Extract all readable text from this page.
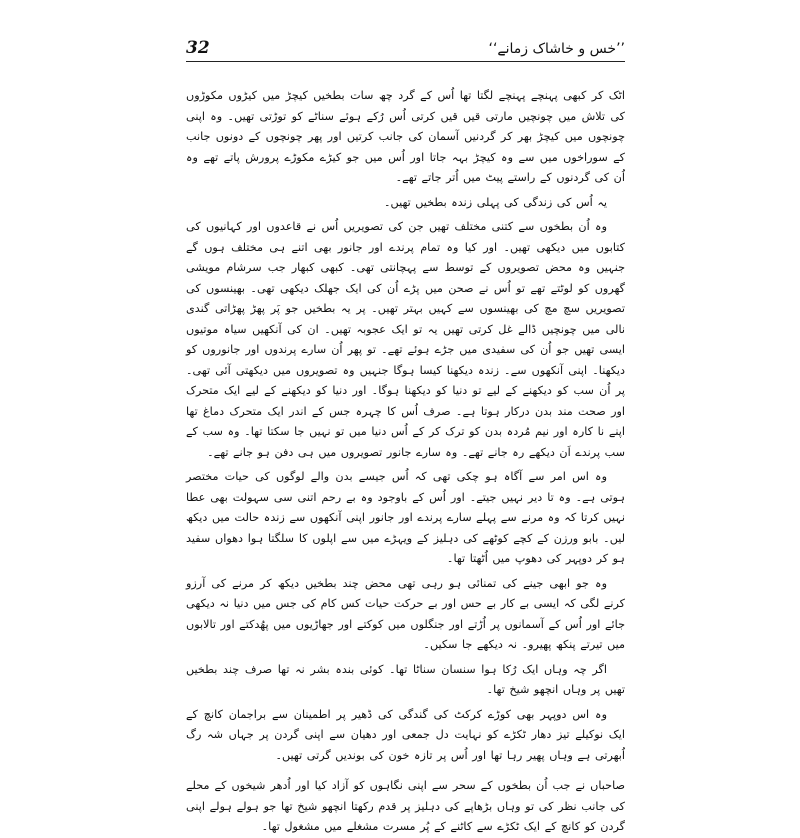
32	’’خس و خاشاک زمانے‘‘

اٹک کر کبھی پہنچے پہنچے لگتا تھا اُس کے گرد چھ سات بطخیں کیچڑ میں کیڑوں مکوڑوں کی تلاش میں چونچیں مارتی قیں قیں کرتی اُس رُکے ہوئے سناٹے کو توڑتی تھیں۔ وہ اپنی چونچوں میں کیچڑ بھر کر گردنیں آسمان کی جانب کرتیں اور پھر چونچوں کے دونوں جانب کے سوراخوں میں سے وہ کیچڑ بہہ جاتا اور اُس میں جو کیڑے مکوڑے پرورش پاتے تھے وہ اُن کی گردنوں کے راستے پیٹ میں اُتر جاتے تھے۔

یہ اُس کی زندگی کی پہلی زندہ بطخیں تھیں۔

وہ اُن بطخوں سے کتنی مختلف تھیں جن کی تصویریں اُس نے قاعدوں اور کہانیوں کی کتابوں میں دیکھی تھیں۔ اور کیا وہ تمام پرندے اور جانور بھی اتنے ہی مختلف ہوں گے جنہیں وہ محض تصویروں کے توسط سے پہچانتی تھی۔ کبھی کبھار جب سرشام مویشی گھروں کو لوٹتے تھے تو اُس نے صحن میں پڑے اُن کی ایک جھلک دیکھی تھی۔ بھینسوں کی تصویریں سچ مچ کی بھینسوں سے کہیں بہتر تھیں۔ پر یہ بطخیں جو پَر پھڑ پھڑاتی گندی نالی میں چونچیں ڈالے غل کرتی تھیں یہ تو ایک عجوبہ تھیں۔ ان کی آنکھیں سیاہ موتیوں ایسی تھیں جو اُن کی سفیدی میں جڑے ہوئے تھے۔ تو پھر اُن سارے پرندوں اور جانوروں کو دیکھنا۔ اپنی آنکھوں سے۔ زندہ دیکھنا کیسا ہوگا جنہیں وہ تصویروں میں دیکھتی آئی تھی۔ پر اُن سب کو دیکھنے کے لیے تو دنیا کو دیکھنا ہوگا۔ اور دنیا کو دیکھنے کے لیے ایک متحرک اور صحت مند بدن درکار ہوتا ہے۔ صرف اُس کا چہرہ جس کے اندر ایک متحرک دماغ تھا اپنے نا کارہ اور نیم مُردہ بدن کو ترک کر کے اُس دنیا میں تو نہیں جا سکتا تھا۔ وہ سب کے سب پرندے اَن دیکھے رہ جانے تھے۔ وہ سارے جانور تصویروں میں ہی دفن ہو جانے تھے۔

وہ اس امر سے آگاہ ہو چکی تھی کہ اُس جیسے بدن والے لوگوں کی حیات مختصر ہوتی ہے۔ وہ تا دیر نہیں جیتے۔ اور اُس کے باوجود وہ بے رحم اتنی سی سہولت بھی عطا نہیں کرتا کہ وہ مرنے سے پہلے سارے پرندے اور جانور اپنی آنکھوں سے زندہ حالت میں دیکھ لیں۔ بابو ورزن کے کچے کوٹھے کی دہلیز کے ویہڑے میں سے اپلوں کا سلگتا ہوا دھواں سفید ہو کر دوپہر کی دھوپ میں اُٹھتا تھا۔

وہ جو ابھی جینے کی تمنائی ہو رہی تھی محض چند بطخیں دیکھ کر مرنے کی آرزو کرنے لگی کہ ایسی بے کار بے حس اور بے حرکت حیات کس کام کی جس میں دنیا نہ دیکھی جائے اور اُس کے آسمانوں پر اُڑتے اور جنگلوں میں کوکتے اور جھاڑیوں میں پھُدکتے اور تالابوں میں تیرتے پنکھ پھیرو۔ نہ دیکھے جا سکیں۔

اگر چہ وہاں ایک رُکا ہوا سنسان سناٹا تھا۔ کوئی بندہ بشر نہ تھا صرف چند بطخیں تھیں پر وہاں انچھو شیخ تھا۔

وہ اس دوپہر بھی کوڑے کرکٹ کی گندگی کی ڈھیر پر اطمینان سے براجمان کانچ کے ایک نوکیلے تیز دھار ٹکڑے کو نہایت دل جمعی اور دھیان سے اپنی گردن پر جہاں شہ رگ اُبھرتی ہے وہاں پھیر رہا تھا اور اُس پر تازہ خون کی بوندیں گرتی تھیں۔

صاحباں نے جب اُن بطخوں کے سحر سے اپنی نگاہوں کو آزاد کیا اور اُدھر شیخوں کے محلے کی جانب نظر کی تو وہاں بڑھاپے کی دہلیز پر قدم رکھتا انچھو شیخ تھا جو ہولے ہولے اپنی گردن کو کانچ کے ایک ٹکڑے سے کاٹنے کے پُر مسرت مشغلے میں مشغول تھا۔
